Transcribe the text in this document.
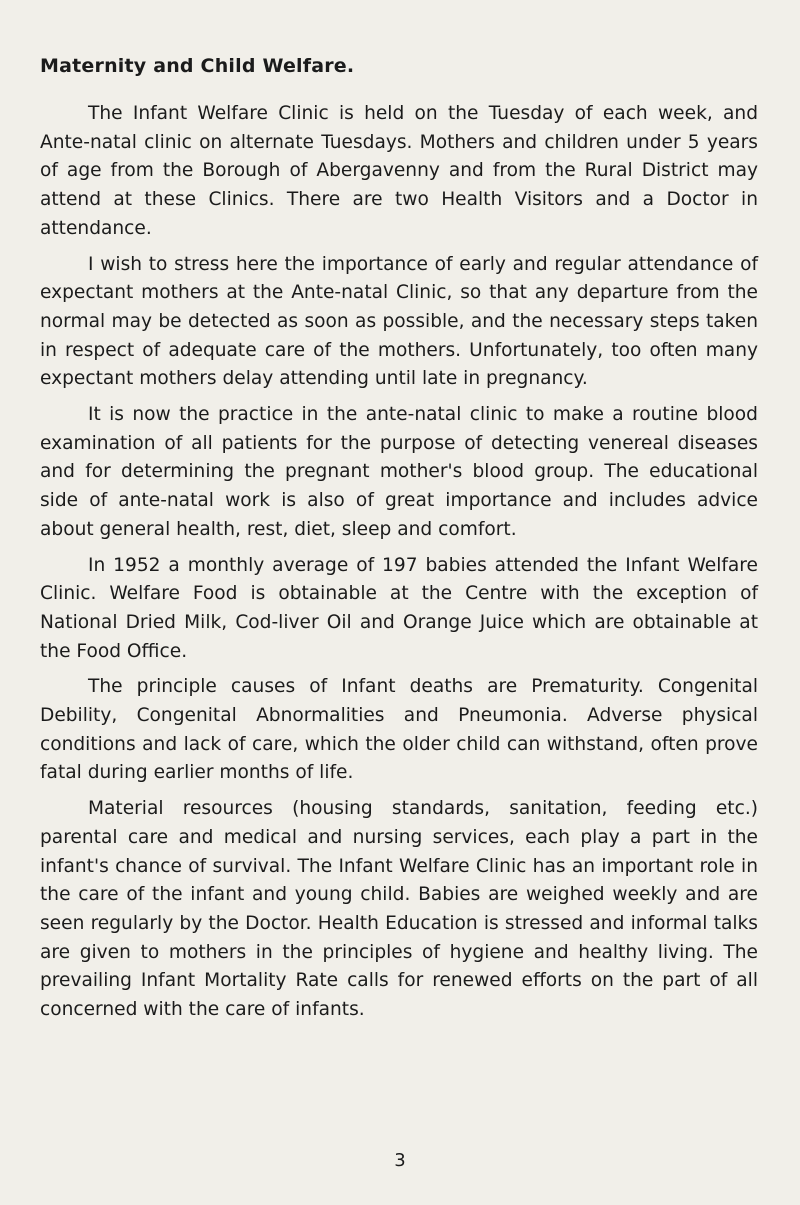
Maternity and Child Welfare.

The Infant Welfare Clinic is held on the Tuesday of each week, and Ante-natal clinic on alternate Tuesdays. Mothers and children under 5 years of age from the Borough of Abergavenny and from the Rural District may attend at these Clinics. There are two Health Visitors and a Doctor in attendance.

I wish to stress here the importance of early and regular attendance of expectant mothers at the Ante-natal Clinic, so that any departure from the normal may be detected as soon as possible, and the necessary steps taken in respect of adequate care of the mothers. Unfortunately, too often many expectant mothers delay attending until late in pregnancy.

It is now the practice in the ante-natal clinic to make a routine blood examination of all patients for the purpose of detecting venereal diseases and for determining the pregnant mother's blood group. The educational side of ante-natal work is also of great importance and includes advice about general health, rest, diet, sleep and comfort.

In 1952 a monthly average of 197 babies attended the Infant Welfare Clinic. Welfare Food is obtainable at the Centre with the exception of National Dried Milk, Cod-liver Oil and Orange Juice which are obtainable at the Food Office.

The principle causes of Infant deaths are Prematurity. Congenital Debility, Congenital Abnormalities and Pneumonia. Adverse physical conditions and lack of care, which the older child can withstand, often prove fatal during earlier months of life.

Material resources (housing standards, sanitation, feeding etc.) parental care and medical and nursing services, each play a part in the infant's chance of survival. The Infant Welfare Clinic has an important role in the care of the infant and young child. Babies are weighed weekly and are seen regularly by the Doctor. Health Education is stressed and informal talks are given to mothers in the principles of hygiene and healthy living. The prevailing Infant Mortality Rate calls for renewed efforts on the part of all concerned with the care of infants.

3
